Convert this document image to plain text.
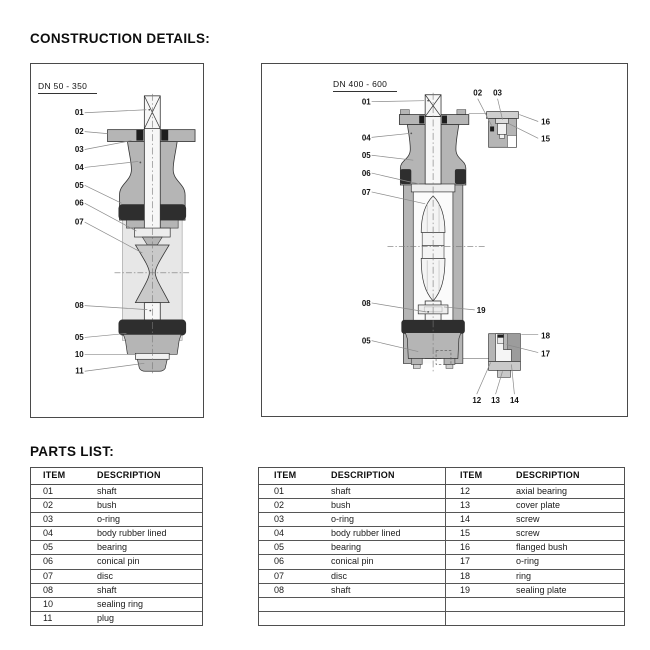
CONSTRUCTION DETAILS:
DN 50 - 350
01
02
03
04
05
06
07
08
05
10
11
DN 400 - 600
01
04
05
06
07
08
05
02 03
16
15
19
18
17
12 13 14
PARTS LIST:
ITEM	DESCRIPTION
01	shaft
02	bush
03	o-ring
04	body rubber lined
05	bearing
06	conical pin
07	disc
08	shaft
10	sealing ring
11	plug
ITEM	DESCRIPTION	ITEM	DESCRIPTION
01	shaft	12	axial bearing
02	bush	13	cover plate
03	o-ring	14	screw
04	body rubber lined	15	screw
05	bearing	16	flanged bush
06	conical pin	17	o-ring
07	disc	18	ring
08	shaft	19	sealing plate
